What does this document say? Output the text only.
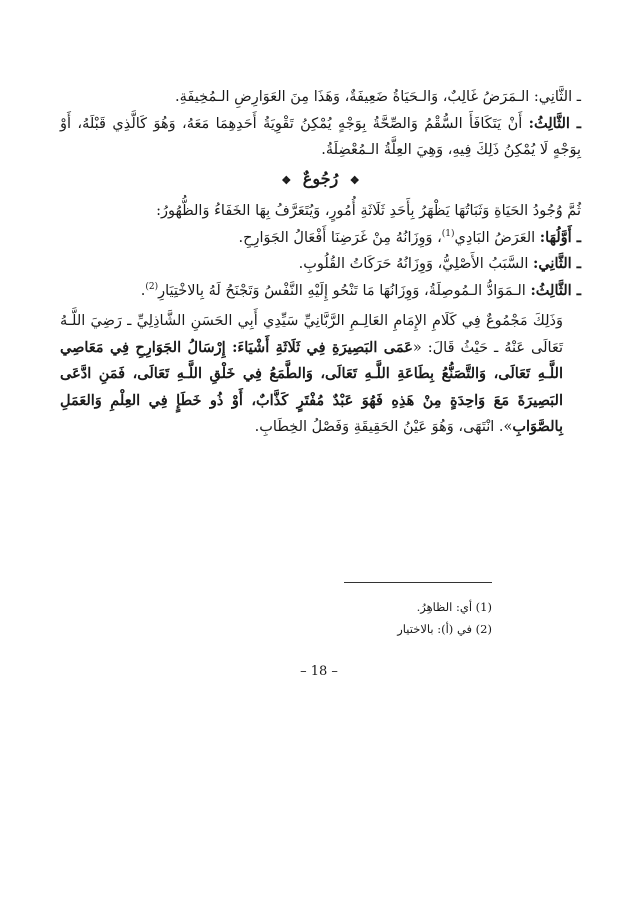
ـ الثَّانِي: الـمَرَضُ غَالِبٌ، وَالـحَيَاةُ ضَعِيفَةٌ، وَهَذَا مِنَ العَوَارِضِ الـمُخِيفَةِ.

ـ الثَّالِثُ: أَنْ يَتَكَافَأَ السُّقْمُ وَالصِّحَّةُ بِوَجْهٍ يُمْكِنُ تَقْوِيَةُ أَحَدِهِمَا مَعَهُ، وَهُوَ كَالَّذِي قَبْلَهُ، أَوْ بِوَجْهٍ لَا يُمْكِنُ ذَلِكَ فِيهِ، وَهِيَ العِلَّةُ الـمُعْضِلَةُ.

❖ رُجُوعٌ ❖

ثُمَّ وُجُودُ الحَيَاةِ وَثَبَاتُهَا يَظْهَرُ بِأَحَدِ ثَلَاثَةِ أُمُورٍ، وَيُتَعَرَّفُ بِهَا الخَفَاءُ وَالظُّهُورُ:

ـ أَوَّلُهَا: العَرَضُ البَادِي$^{(1)}$، وَوِزَانُهُ مِنْ غَرَضِنَا أَفْعَالُ الجَوَارِحِ.

ـ الثَّانِي: السَّبَبُ الأَصْلِيُّ، وَوِزَانُهُ حَرَكَاتُ القُلُوبِ.

ـ الثَّالِثُ: الـمَوَادُّ الـمُوصِلَةُ، وَوِزَانُهَا مَا تَنْحُو إِلَيْهِ النَّفْسُ وَتَجْنَحُ لَهُ بِالاخْتِيَارِ$^{(2)}$.

وَذَلِكَ مَجْمُوعٌ فِي كَلَامِ الإِمَامِ العَالِـمِ الرَّبَّانِيِّ سَيِّدِي أَبِي الحَسَنِ الشَّاذِلِيِّ ـ رَضِيَ اللَّـهُ تَعَالَى عَنْهُ ـ حَيْثُ قَالَ: «عَمَى البَصِيرَةِ فِي ثَلَاثَةِ أَشْيَاءَ: إِرْسَالُ الجَوَارِحِ فِي مَعَاصِي اللَّـهِ تَعَالَى، وَالتَّصَنُّعُ بِطَاعَةِ اللَّـهِ تَعَالَى، وَالطَّمَعُ فِي خَلْقِ اللَّـهِ تَعَالَى، فَمَنِ ادَّعَى البَصِيرَةَ مَعَ وَاحِدَةٍ مِنْ هَذِهِ فَهُوَ عَبْدٌ مُفْتَرٍ كَذَّابٌ، أَوْ ذُو خَطَإٍ فِي العِلْمِ وَالعَمَلِ بِالصَّوَابِ». انْتَهَى، وَهُوَ عَيْنُ الحَقِيقَةِ وَفَصْلُ الخِطَابِ.

(1) أي: الظاهِرُ.

(2) في (أ): بالاختيار

– 18 –
